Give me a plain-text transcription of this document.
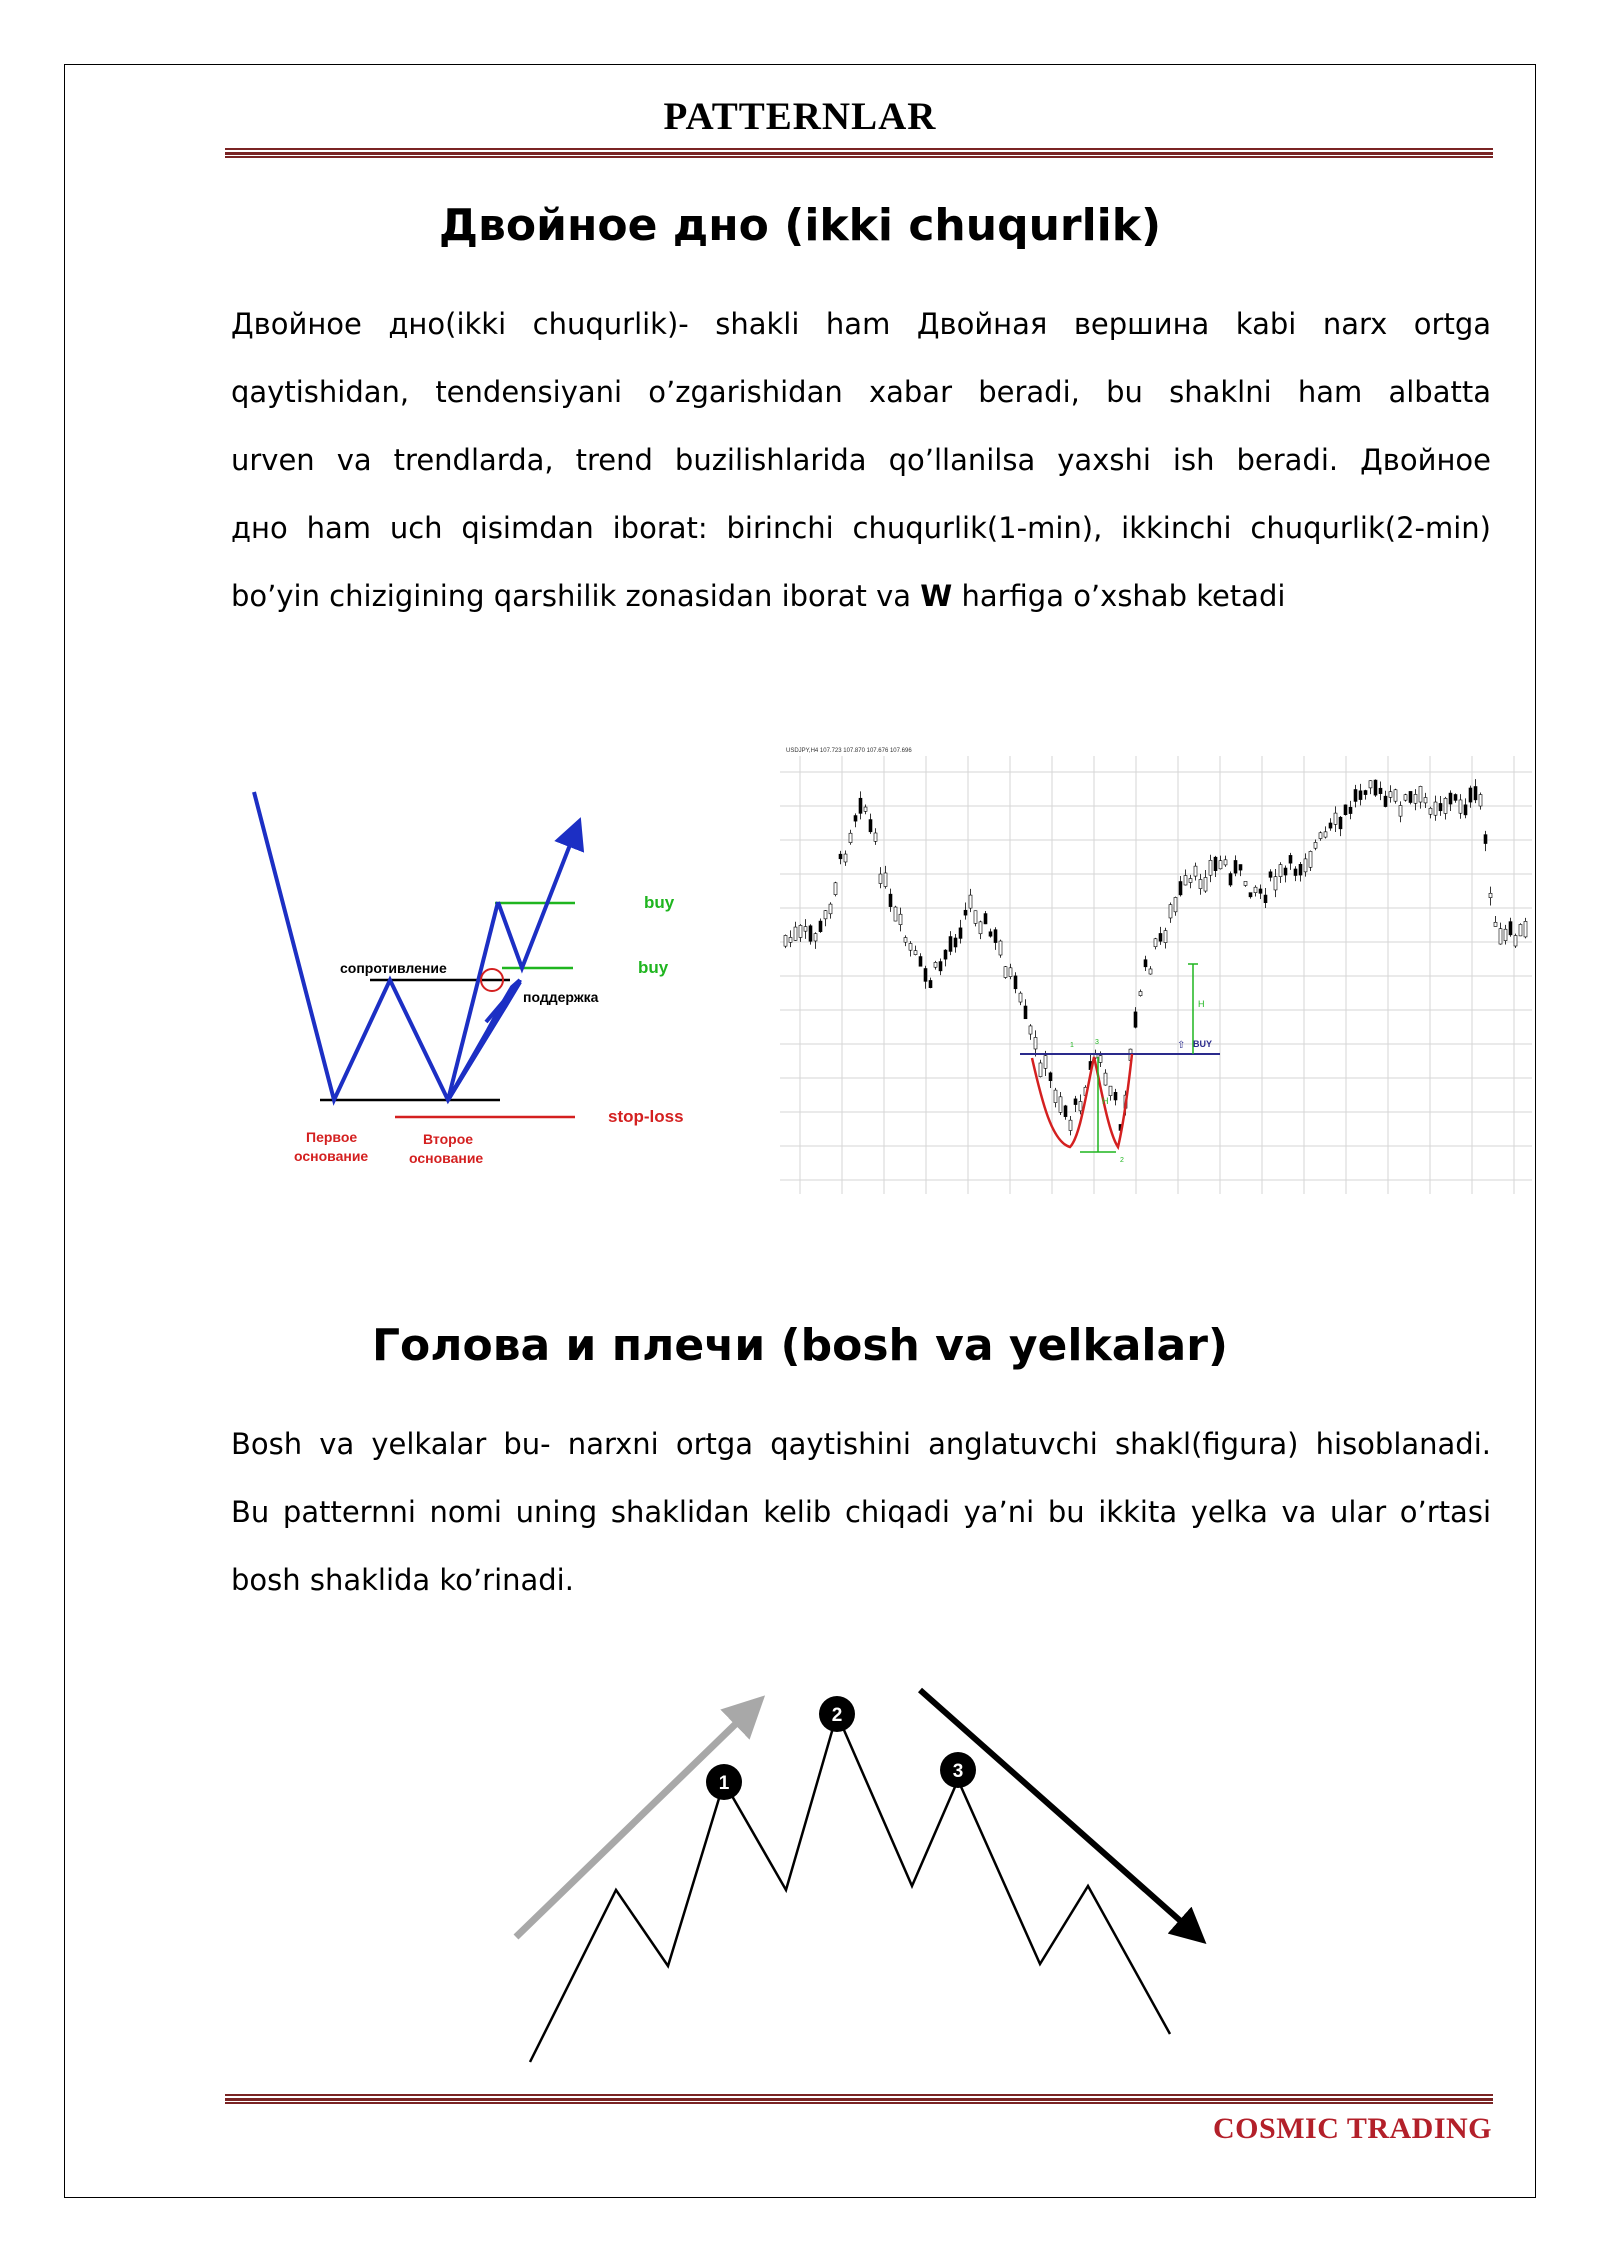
PATTERNLAR
Двойное дно (ikki chuqurlik)
Двойное дно(ikki chuqurlik)- shakli ham Двойная вершина kabi narx ortga
qaytishidan, tendensiyani o’zgarishidan xabar beradi, bu shaklni ham albatta
urven va trendlarda, trend buzilishlarida qo’llanilsa yaxshi ish beradi. Двойное
дно ham uch qisimdan iborat: birinchi chuqurlik(1-min), ikkinchi chuqurlik(2-min)
bo’yin chizigining qarshilik zonasidan iborat va W harfiga o’xshab ketadi
сопротивление
поддержка
buy
buy
stop-loss
Первое
основание
Второе
основание
USDJPY,H4 107.723 107.870 107.676 107.696
H
H
BUY
⇧
1	3
2
Голова и плечи (bosh va yelkalar)
Bosh va yelkalar bu- narxni ortga qaytishini anglatuvchi shakl(figura) hisoblanadi.
Bu patternni nomi uning shaklidan kelib chiqadi ya’ni bu ikkita yelka va ular o’rtasi
bosh shaklida ko’rinadi.
1
2
3
COSMIC TRADING
